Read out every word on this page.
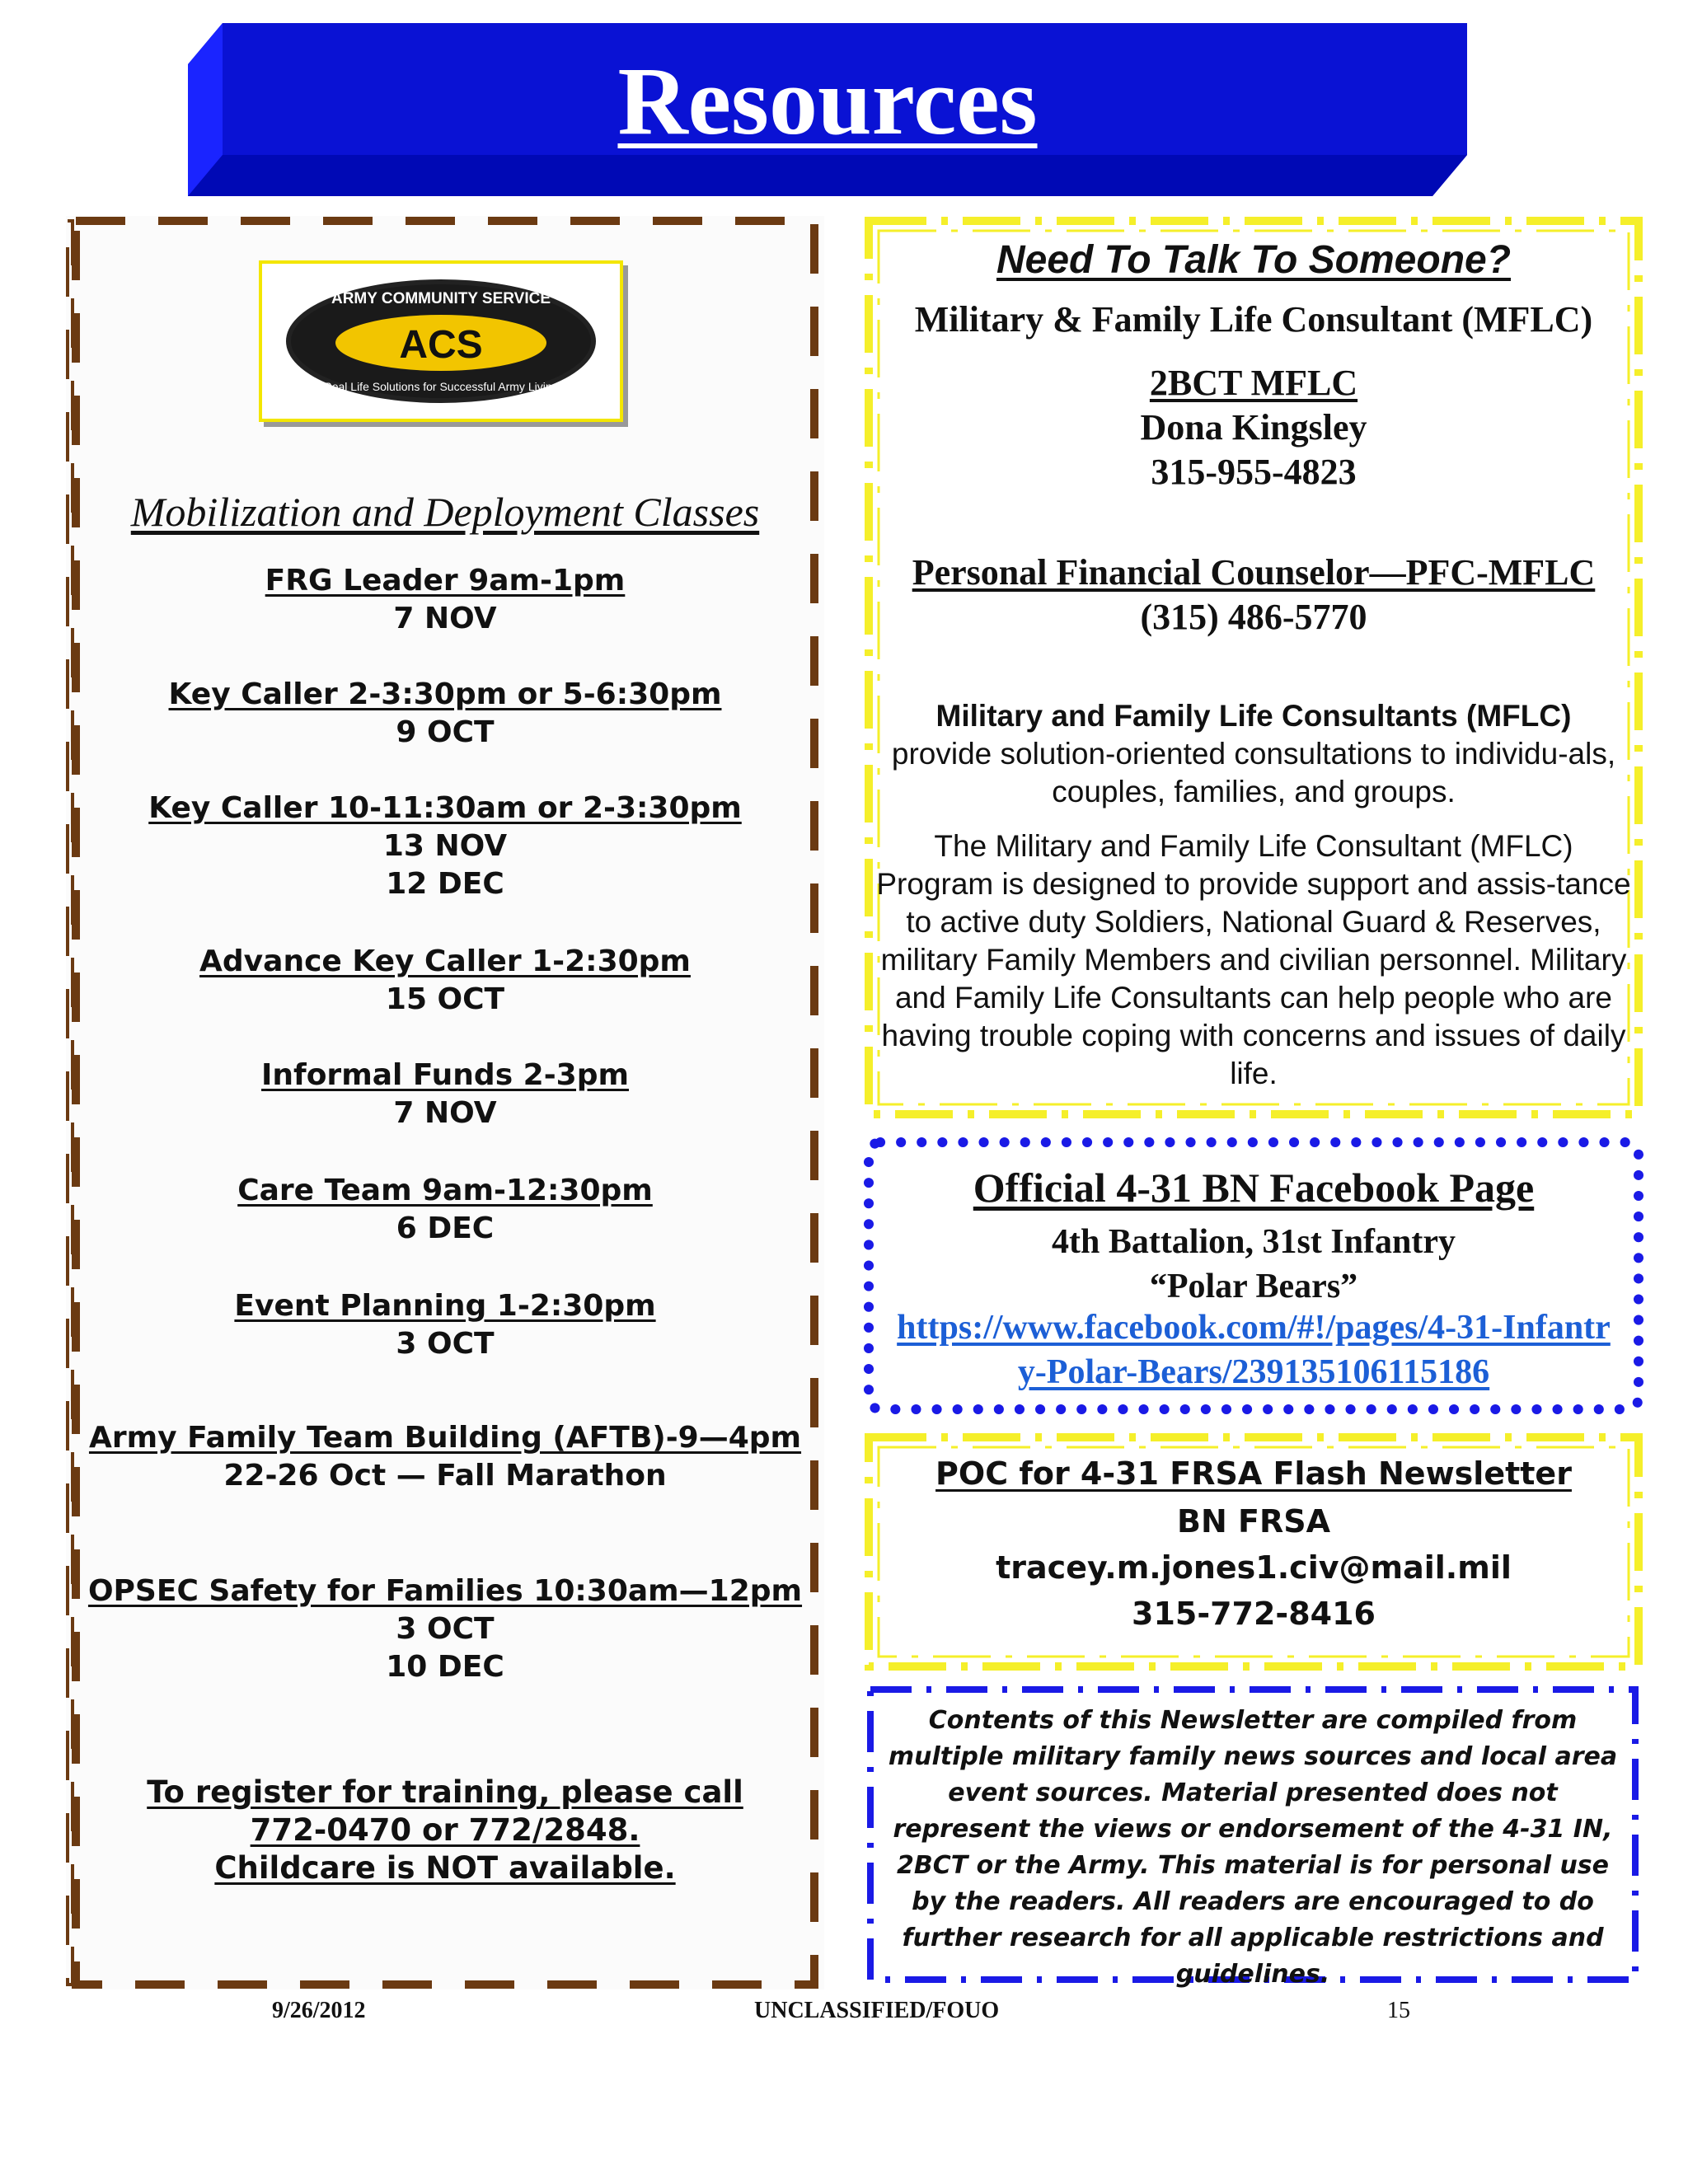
Resources
ACS
ARMY COMMUNITY SERVICE
Real Life Solutions for Successful Army Living
Mobilization and Deployment Classes
FRG Leader 9am-1pm
7 NOV
Key Caller 2-3:30pm or 5-6:30pm
9 OCT
Key Caller 10-11:30am or 2-3:30pm
13 NOV
12 DEC
Advance Key Caller 1-2:30pm
15 OCT
Informal Funds 2-3pm
7 NOV
Care Team 9am-12:30pm
6 DEC
Event Planning 1-2:30pm
3 OCT
Army Family Team Building (AFTB)-9—4pm
22-26 Oct — Fall Marathon
OPSEC Safety for Families 10:30am—12pm
3 OCT
10 DEC
To register for training, please call
772-0470 or 772/2848.
Childcare is NOT available.
Need To Talk To Someone?
Military & Family Life Consultant (MFLC)
2BCT MFLC
Dona Kingsley
315-955-4823
Personal Financial Counselor—PFC-MFLC
(315) 486-5770
Military and Family Life Consultants (MFLC)
provide solution-oriented consultations to individu-als, couples, families, and groups.
The Military and Family Life Consultant (MFLC) Program is designed to provide support and assis-tance to active duty Soldiers, National Guard & Reserves, military Family Members and civilian personnel. Military and Family Life Consultants can help people who are having trouble coping with concerns and issues of daily life.
Official 4-31 BN Facebook Page
4th Battalion, 31st Infantry
“Polar Bears”
https://www.facebook.com/#!/pages/4-31-Infantry-Polar-Bears/239135106115186
POC for 4-31 FRSA Flash Newsletter
BN FRSA
tracey.m.jones1.civ@mail.mil
315-772-8416
Contents of this Newsletter are compiled from multiple military family news sources and local area event sources. Material presented does not represent the views or endorsement of the 4-31 IN, 2BCT or the Army. This material is for personal use by the readers. All readers are encouraged to do further research for all applicable restrictions and guidelines.
9/26/2012	UNCLASSIFIED/FOUO	15
